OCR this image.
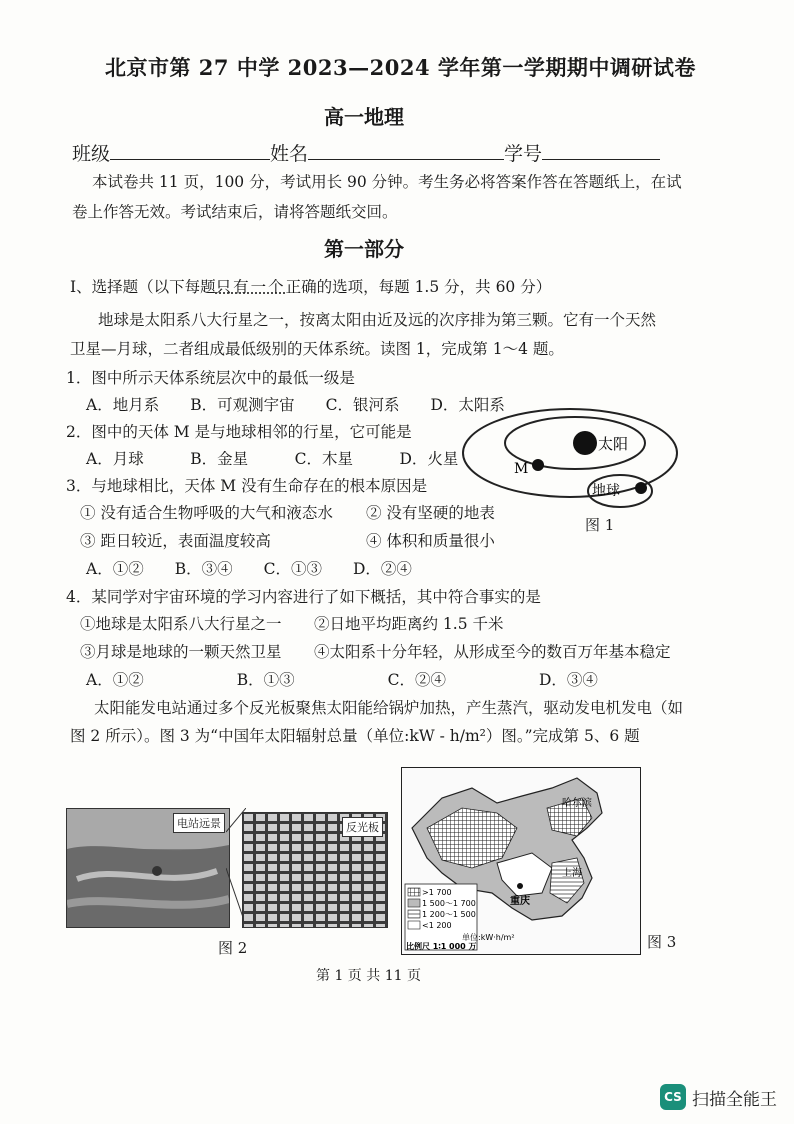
北京市第 27 中学 2023—2024 学年第一学期期中调研试卷
高一地理
班级	姓名	学号
本试卷共 11 页，100 分，考试用长 90 分钟。考生务必将答案作答在答题纸上，在试
卷上作答无效。考试结束后，请将答题纸交回。
第一部分
Ⅰ、选择题（以下每题只有一个正确的选项，每题 1.5 分，共 60 分）
地球是太阳系八大行星之一，按离太阳由近及远的次序排为第三颗。它有一个天然
卫星—月球，二者组成最低级别的天体系统。读图 1，完成第 1～4 题。
1．图中所示天体系统层次中的最低一级是
A．地月系　　B．可观测宇宙　　C．银河系　　D．太阳系
2．图中的天体 M 是与地球相邻的行星，它可能是
A．月球　　　B．金星　　　C．木星　　　D．火星
3．与地球相比，天体 M 没有生命存在的根本原因是
① 没有适合生物呼吸的大气和液态水 ② 没有坚硬的地表
③ 距日较近，表面温度较高	④ 体积和质量很小
A．①②　　B．③④　　C．①③　　D．②④
4．某同学对宇宙环境的学习内容进行了如下概括，其中符合事实的是
①地球是太阳系八大行星之一 ②日地平均距离约 1.5 千米
③月球是地球的一颗天然卫星 ④太阳系十分年轻，从形成至今的数百万年基本稳定
A．①②　　　　　　B．①③　　　　　　C．②④　　　　　　D．③④
太阳能发电站通过多个反光板聚焦太阳能给锅炉加热，产生蒸汽，驱动发电机发电（如
图 2 所示）。图 3 为“中国年太阳辐射总量（单位:kW - h/m²）图。”完成第 5、6 题
太阳
M
地球
图 1
电站远景	反光板
图 2
>1 700
1 500～1 700
1 200～1 500
<1 200
单位:kW·h/m²
比例尺 1∶1 000 万
哈尔滨
上海
重庆
图 3
第 1 页 共 11 页
CS 扫描全能王
